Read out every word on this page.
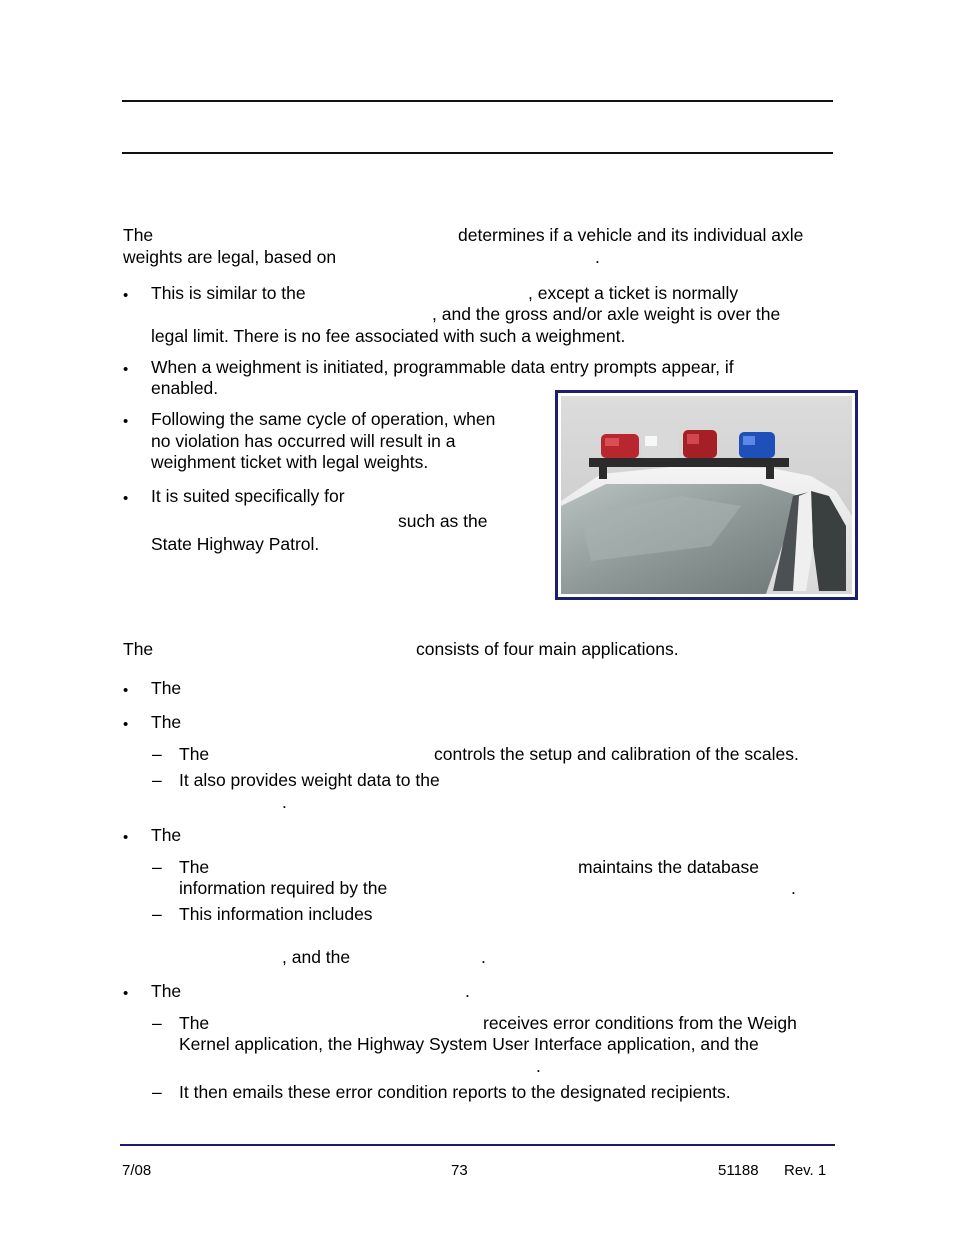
The	determines if a vehicle and its individual axle
weights are legal, based on	.
• This is similar to the	, except a ticket is normally
, and the gross and/or axle weight is over the
legal limit. There is no fee associated with such a weighment.
• When a weighment is initiated, programmable data entry prompts appear, if
enabled.
• Following the same cycle of operation, when
no violation has occurred will result in a
weighment ticket with legal weights.
• It is suited specifically for
such as the
State Highway Patrol.
The	consists of four main applications.
• The
• The
– The	controls the setup and calibration of the scales.
– It also provides weight data to the
.
• The
– The	maintains the database
information required by the	.
– This information includes
, and the	.
• The	.
– The	receives error conditions from the Weigh
Kernel application, the Highway System User Interface application, and the
.
– It then emails these error condition reports to the designated recipients.
7/08	73	51188 Rev. 1
